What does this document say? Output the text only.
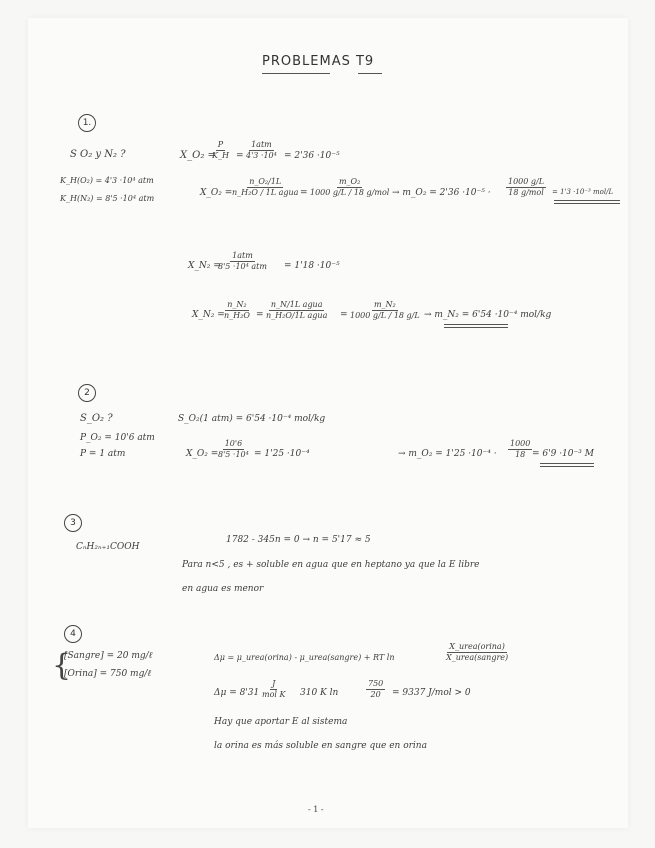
PROBLEMAS T9
1.
S O₂ y N₂ ?
K_H(O₂) = 4'3 ·10⁴ atm
K_H(N₂) = 8'5 ·10⁴ atm
X_O₂ =
$\frac{P}{K\_H}$ =
1atm
4'3 ·10⁴ = 2'36 ·10⁻⁵
X_O₂ =
n_O₂/1L
n_H₂O / 1L agua =
m_O₂
1000 g/L / 18 g/mol → m_O₂ = 2'36 ·10⁻⁵ ·
1000 g/L
18 g/mol = 1'3 ·10⁻³ mol/L
X_N₂ =
1atm
8'5 ·10⁴ atm = 1'18 ·10⁻⁵
X_N₂ = $\frac{\text{n\_N₂}}{\text{n\_H₂O}}$ =
n_N/1L agua
n_H₂O/1L agua = $\frac{\text{m\_N₂}}{1000 g/L / 18 g/L}$ → m_N₂ = 6'54 ·10⁻⁴ mol/kg
2
S_O₂ ?
P_O₂ = 10'6 atm
P = 1 atm
S_O₂(1 atm) = 6'54 ·10⁻⁴ mol/kg
X_O₂ = $\frac{10'6}{\text{8'5 ·10⁴}} = 1'25 \cdot 10^{-4}$	→ m_O₂ = $1'25 \cdot 10^{-4} \cdot \frac{1000}{18} = 6'9 \cdot 10^{-3}$ M
3
CₙH₂ₙ₊₁COOH
1782 - 345n = 0 → n = 5'17 ≈ 5
Para n<5 , es + soluble en agua que en heptano ya que la E libre
en agua es menor
4
{
[Sangre] = 20 mg/ℓ
[Orina] = 750 mg/ℓ
Δμ = μ_urea(orina) - μ_urea(sangre) + RT ln
X_urea(orina)
X_urea(sangre)
Δμ = 8'31
J
mol K 310 K ln	$\frac{750}{20} = 9337$ J/mol > 0
Hay que aportar E al sistema
la orina es más soluble en sangre que en orina
- 1 -
